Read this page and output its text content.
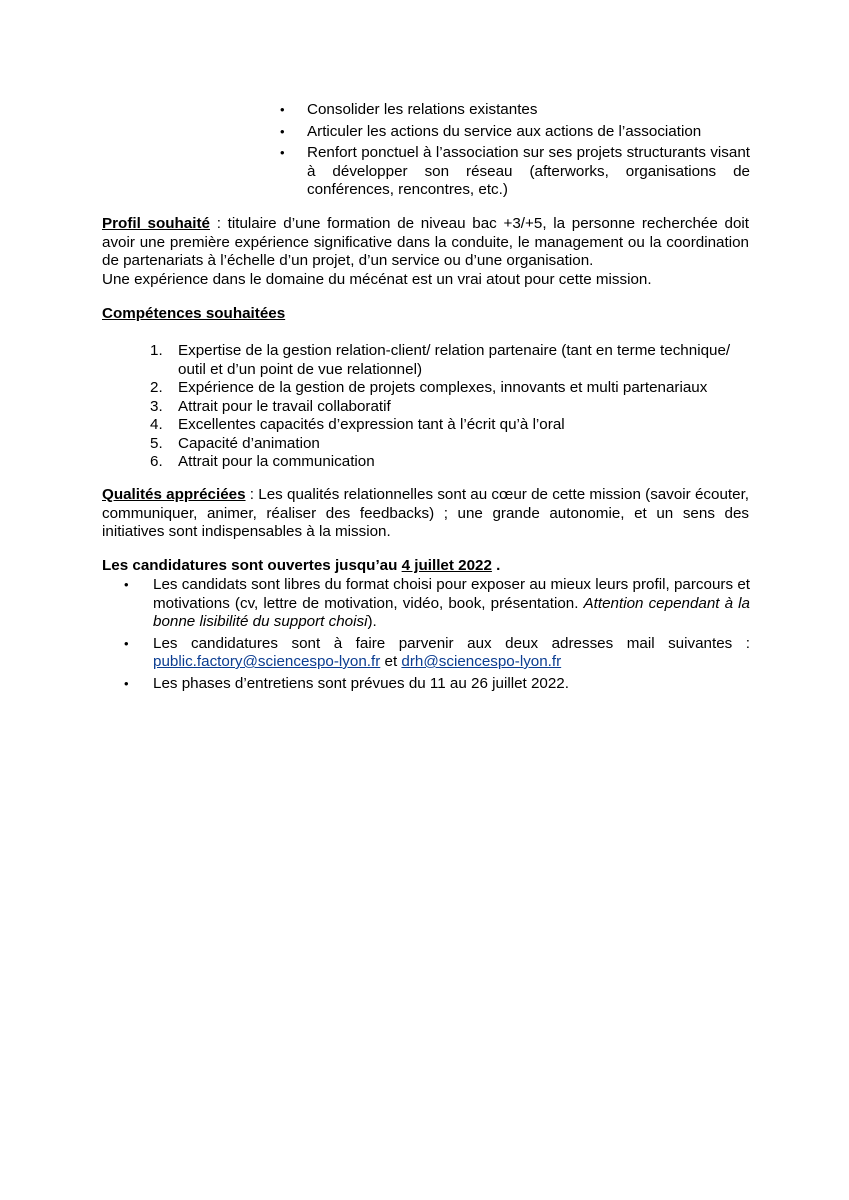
•	Consolider les relations existantes
•	Articuler les actions du service aux actions de l’association
•	Renfort ponctuel à l’association sur ses projets structurants visant à développer son réseau (afterworks, organisations de conférences, rencontres, etc.)
Profil souhaité : titulaire d’une formation de niveau bac +3/+5, la personne recherchée doit avoir une première expérience significative dans la conduite, le management ou la coordination de partenariats à l’échelle d’un projet, d’un service ou d’une organisation.
Une expérience dans le domaine du mécénat est un vrai atout pour cette mission.
Compétences souhaitées
1.	Expertise de la gestion relation-client/ relation partenaire (tant en terme technique/ outil et d’un point de vue relationnel)
2.	Expérience de la gestion de projets complexes, innovants et multi partenariaux
3.	Attrait pour le travail collaboratif
4.	Excellentes capacités d’expression tant à l’écrit qu’à l’oral
5.	Capacité d’animation
6.	Attrait pour la communication
Qualités appréciées : Les qualités relationnelles sont au cœur de cette mission (savoir écouter, communiquer, animer, réaliser des feedbacks) ; une grande autonomie, et un sens des initiatives sont indispensables à la mission.
Les candidatures sont ouvertes jusqu’au 4 juillet 2022 .
•	Les candidats sont libres du format choisi pour exposer au mieux leurs profil, parcours et motivations (cv, lettre de motivation, vidéo, book, présentation. Attention cependant à la bonne lisibilité du support choisi).
•	Les candidatures sont à faire parvenir aux deux adresses mail suivantes : public.factory@sciencespo-lyon.fr et drh@sciencespo-lyon.fr
•	Les phases d’entretiens sont prévues du 11 au 26 juillet 2022.
